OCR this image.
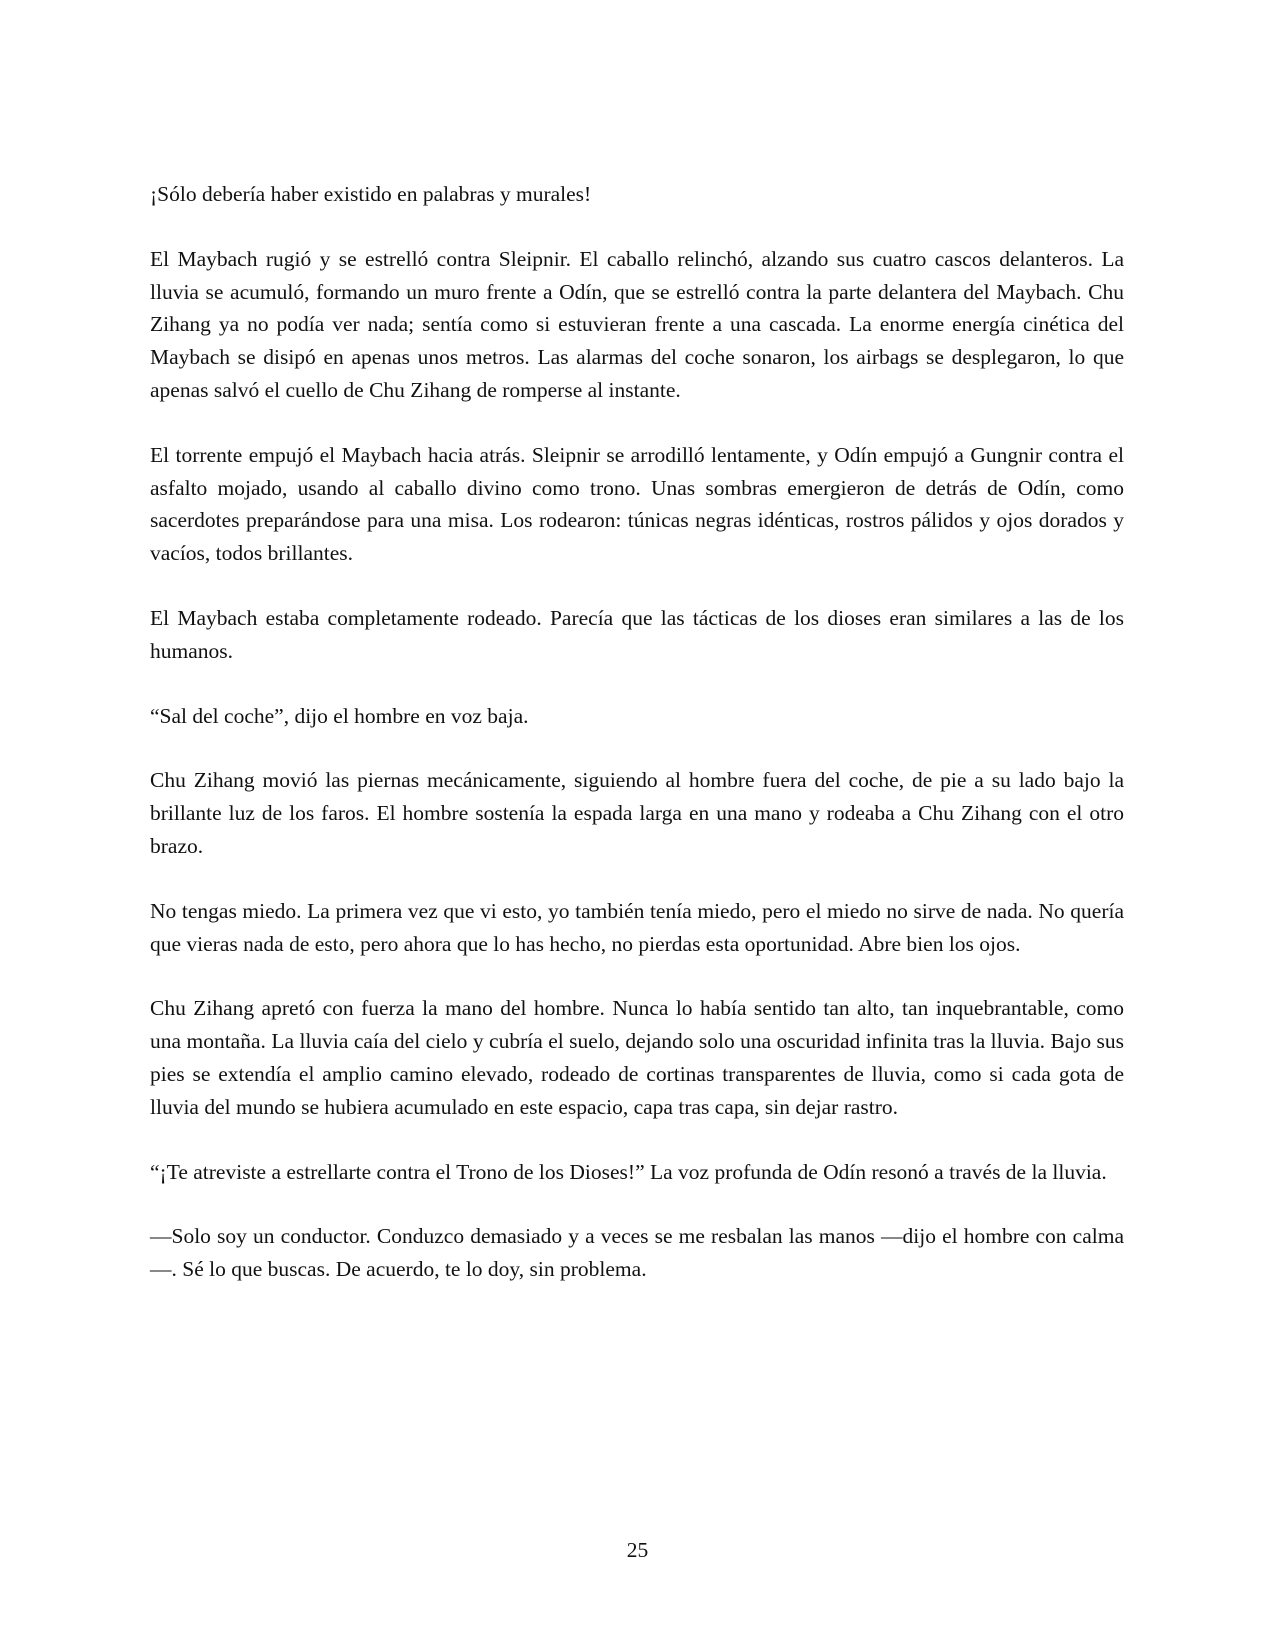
¡Sólo debería haber existido en palabras y murales!

El Maybach rugió y se estrelló contra Sleipnir. El caballo relinchó, alzando sus cuatro cascos delanteros. La lluvia se acumuló, formando un muro frente a Odín, que se estrelló contra la parte delantera del Maybach. Chu Zihang ya no podía ver nada; sentía como si estuvieran frente a una cascada. La enorme energía cinética del Maybach se disipó en apenas unos metros. Las alarmas del coche sonaron, los airbags se desplegaron, lo que apenas salvó el cuello de Chu Zihang de romperse al instante.

El torrente empujó el Maybach hacia atrás. Sleipnir se arrodilló lentamente, y Odín empujó a Gungnir contra el asfalto mojado, usando al caballo divino como trono. Unas sombras emergieron de detrás de Odín, como sacerdotes preparándose para una misa. Los rodearon: túnicas negras idénticas, rostros pálidos y ojos dorados y vacíos, todos brillantes.

El Maybach estaba completamente rodeado. Parecía que las tácticas de los dioses eran similares a las de los humanos.

“Sal del coche”, dijo el hombre en voz baja.

Chu Zihang movió las piernas mecánicamente, siguiendo al hombre fuera del coche, de pie a su lado bajo la brillante luz de los faros. El hombre sostenía la espada larga en una mano y rodeaba a Chu Zihang con el otro brazo.

No tengas miedo. La primera vez que vi esto, yo también tenía miedo, pero el miedo no sirve de nada. No quería que vieras nada de esto, pero ahora que lo has hecho, no pierdas esta oportunidad. Abre bien los ojos.

Chu Zihang apretó con fuerza la mano del hombre. Nunca lo había sentido tan alto, tan inquebrantable, como una montaña. La lluvia caía del cielo y cubría el suelo, dejando solo una oscuridad infinita tras la lluvia. Bajo sus pies se extendía el amplio camino elevado, rodeado de cortinas transparentes de lluvia, como si cada gota de lluvia del mundo se hubiera acumulado en este espacio, capa tras capa, sin dejar rastro.

“¡Te atreviste a estrellarte contra el Trono de los Dioses!” La voz profunda de Odín resonó a través de la lluvia.

—Solo soy un conductor. Conduzco demasiado y a veces se me resbalan las manos —dijo el hombre con calma—. Sé lo que buscas. De acuerdo, te lo doy, sin problema.

25
